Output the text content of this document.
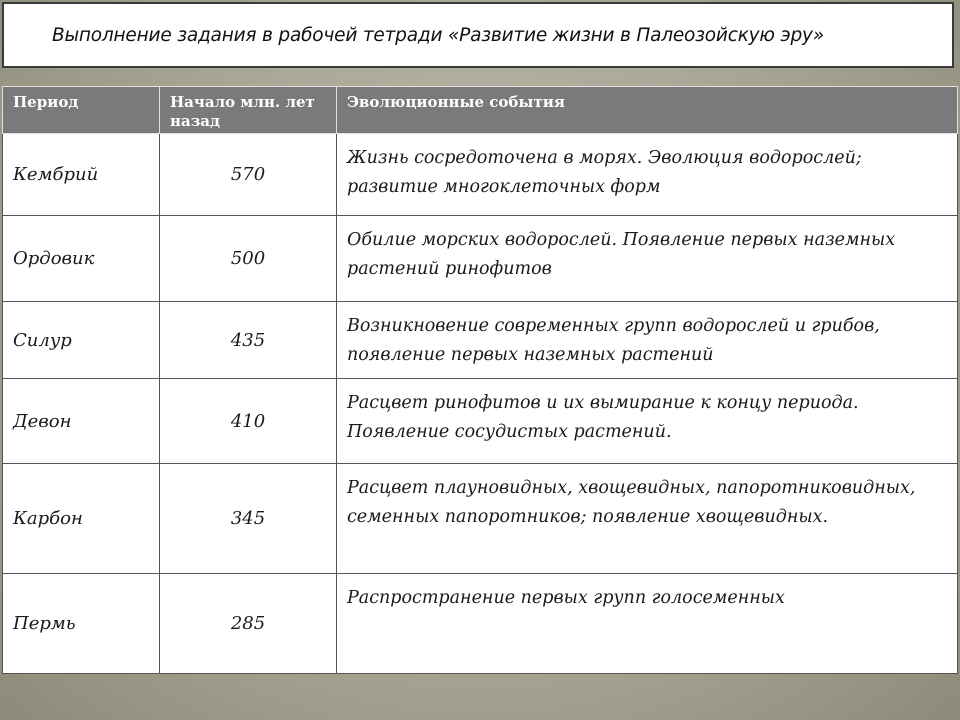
Выполнение задания в рабочей тетради «Развитие жизни в Палеозойскую эру»
Период	Начало млн. лет назад	Эволюционные события
Кембрий	570	Жизнь сосредоточена в морях. Эволюция водорослей; развитие многоклеточных форм
Ордовик	500	Обилие морских водорослей. Появление первых наземных растений ринофитов
Силур	435	Возникновение современных групп водорослей и грибов, появление первых наземных растений
Девон	410	Расцвет ринофитов и их вымирание к концу периода. Появление сосудистых растений.
Карбон	345	Расцвет плауновидных, хвощевидных, папоротниковидных, семенных папоротников; появление хвощевидных.
Пермь	285	Распространение первых групп голосеменных
